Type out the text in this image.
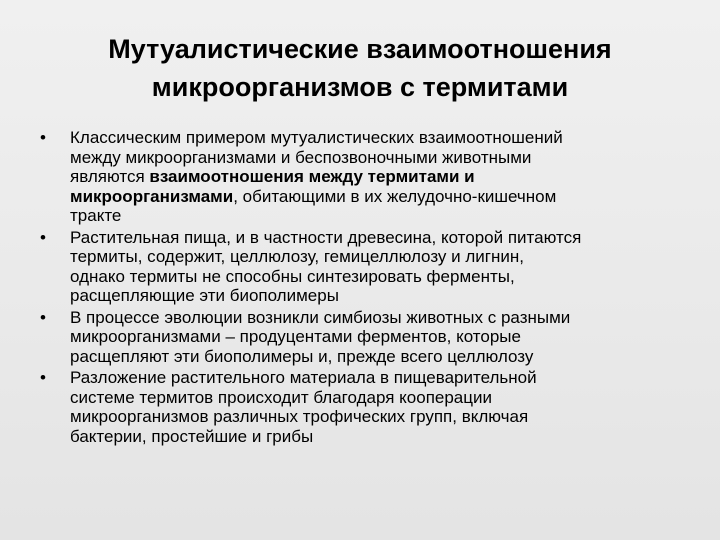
Мутуалистические взаимоотношения
микроорганизмов с термитами
•	Классическим примером мутуалистических взаимоотношений
между микроорганизмами и беспозвоночными животными
являются взаимоотношения между термитами и
микроорганизмами, обитающими в их желудочно-кишечном
тракте

•	Растительная пища, и в частности древесина, которой питаются
термиты, содержит, целлюлозу, гемицеллюлозу и лигнин,
однако термиты не способны синтезировать ферменты,
расщепляющие эти биополимеры

•	В процессе эволюции возникли симбиозы животных с разными
микроорганизмами – продуцентами ферментов, которые
расщепляют эти биополимеры и, прежде всего целлюлозу

•	Разложение растительного материала в пищеварительной
системе термитов происходит благодаря кооперации
микроорганизмов различных трофических групп, включая
бактерии, простейшие и грибы
